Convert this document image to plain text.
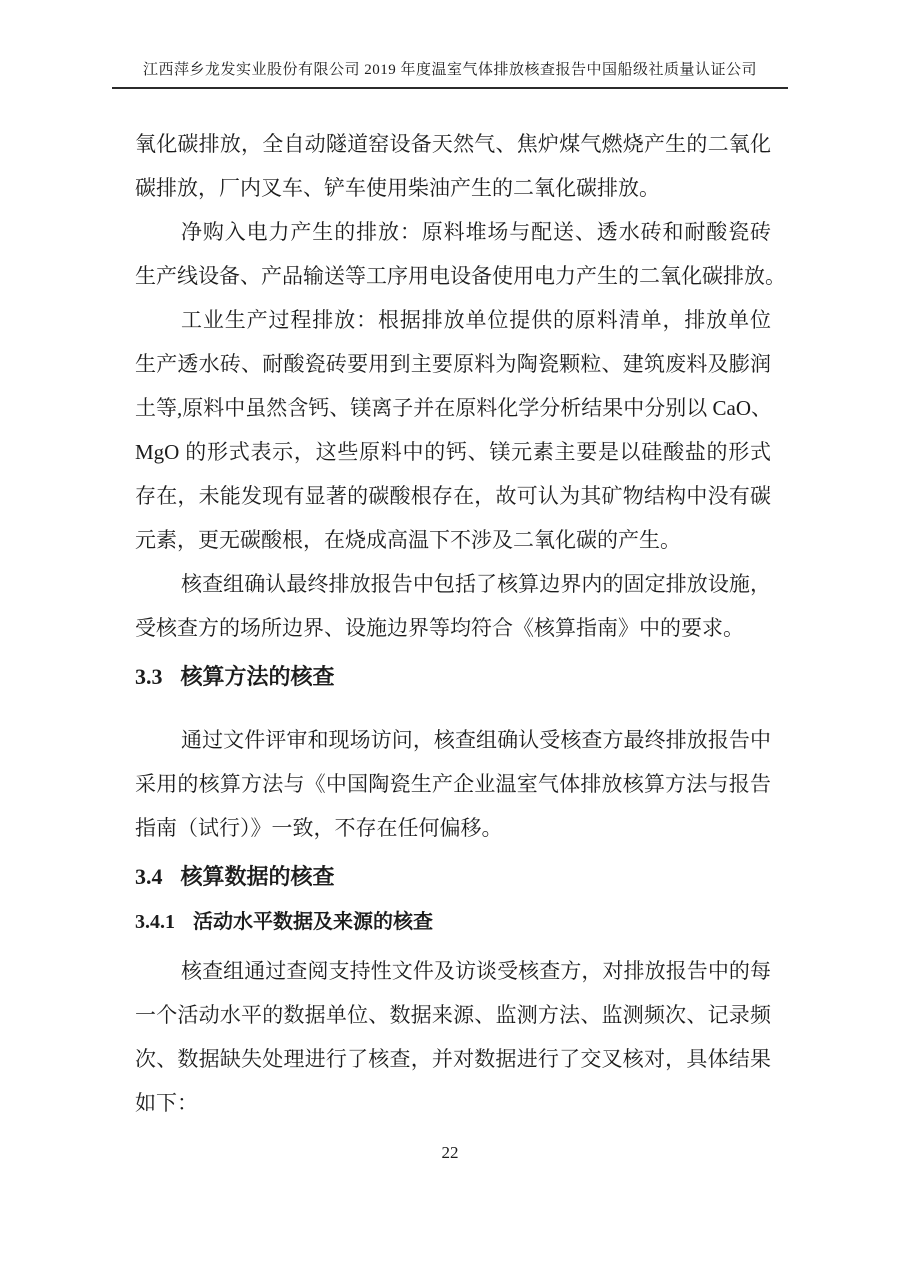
江西萍乡龙发实业股份有限公司 2019 年度温室气体排放核查报告中国船级社质量认证公司
氧化碳排放，全自动隧道窑设备天然气、焦炉煤气燃烧产生的二氧化
碳排放，厂内叉车、铲车使用柴油产生的二氧化碳排放。
净购入电力产生的排放：原料堆场与配送、透水砖和耐酸瓷砖
生产线设备、产品输送等工序用电设备使用电力产生的二氧化碳排放。
工业生产过程排放：根据排放单位提供的原料清单，排放单位
生产透水砖、耐酸瓷砖要用到主要原料为陶瓷颗粒、建筑废料及膨润
土等,原料中虽然含钙、镁离子并在原料化学分析结果中分别以 CaO、
MgO 的形式表示，这些原料中的钙、镁元素主要是以硅酸盐的形式
存在，未能发现有显著的碳酸根存在，故可认为其矿物结构中没有碳
元素，更无碳酸根，在烧成高温下不涉及二氧化碳的产生。
核查组确认最终排放报告中包括了核算边界内的固定排放设施，
受核查方的场所边界、设施边界等均符合《核算指南》中的要求。
3.3 核算方法的核查
通过文件评审和现场访问，核查组确认受核查方最终排放报告中
采用的核算方法与《中国陶瓷生产企业温室气体排放核算方法与报告
指南（试行）》一致，不存在任何偏移。
3.4 核算数据的核查
3.4.1 活动水平数据及来源的核查
核查组通过查阅支持性文件及访谈受核查方，对排放报告中的每
一个活动水平的数据单位、数据来源、监测方法、监测频次、记录频
次、数据缺失处理进行了核查，并对数据进行了交叉核对，具体结果
如下：
22
